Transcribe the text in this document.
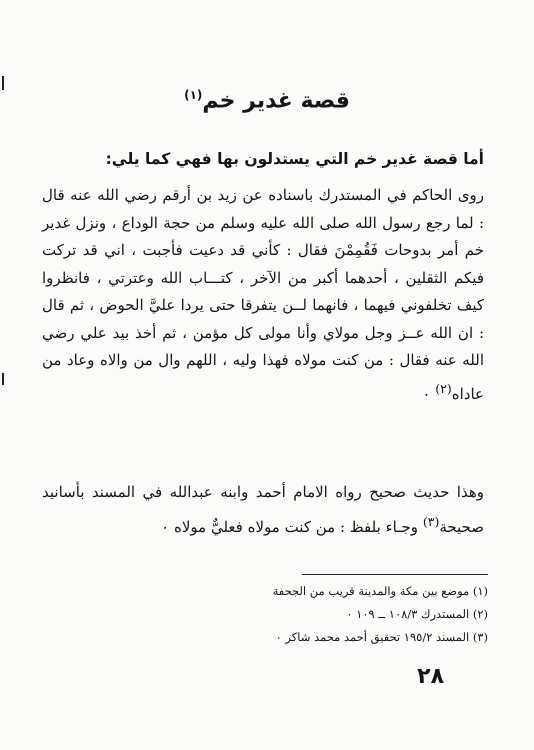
قصة غدير خم$^{(١)}$
أما قصة غدير خم التي يستدلون بها فهي كما يلي:

روى الحاكم في المستدرك باسناده عن زيد بن أرقم رضي الله عنه قال : لما رجع رسول الله صلى الله عليه وسلم من حجة الوداع ، ونزل غدير خم أمر بدوحات فَقُمِمْنَ فقال : كأني قد دعيت فأجبت ، اني قد تركت فيكم الثقلين ، أحدهما أكبر من الآخر ، كتـــاب الله وعترتي ، فانظروا كيف تخلفوني فيهما ، فانهما لــن يتفرقا حتى يردا عليَّ الحوض ، ثم قال : ان الله عــز وجل مولاي وأنا مولى كل مؤمن ، ثم أخذ بيد علي رضي الله عنه فقال : من كنت مولاه فهذا وليه ، اللهم وال من والاه وعاد من عاداه$^{(٢)}$ ٠

وهذا حديث صحيح رواه الامام أحمد وابنه عبدالله في المسند بأسانيد صحيحة$^{(٣)}$ وجـاء بلفظ : من كنت مولاه فعليٌّ مولاه ٠

(١) موضع بين مكة والمدينة قريب من الجحفة
(٢) المستدرك ١٠٨/٣ ــ ١٠٩ ٠
(٣) المسند ١٩٥/٢ تحقيق أحمد محمد شاكر ٠
٢٨
